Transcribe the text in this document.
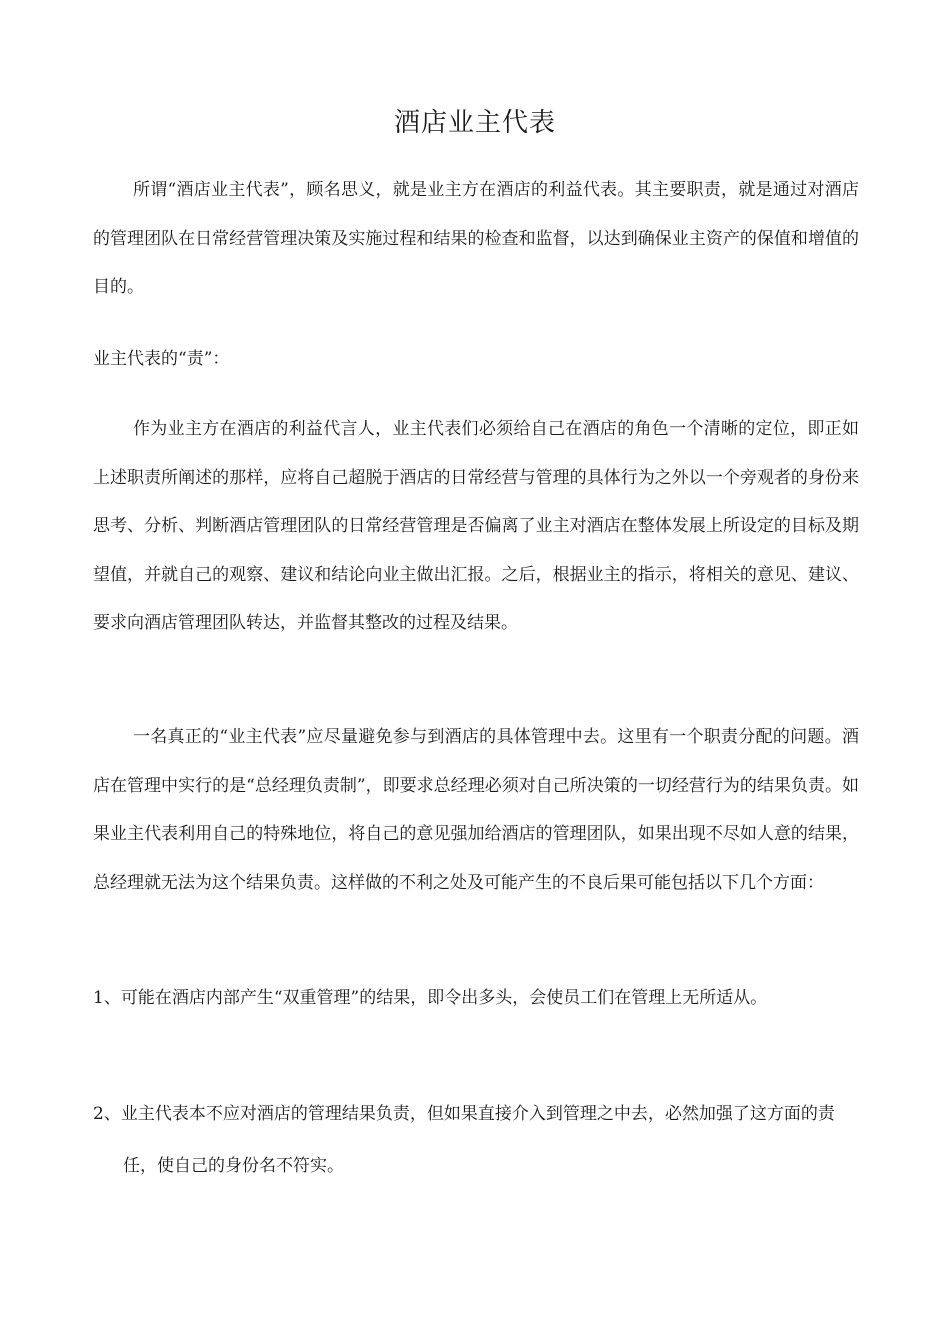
酒店业主代表

所谓“酒店业主代表”，顾名思义，就是业主方在酒店的利益代表。其主要职责，就是通过对酒店的管理团队在日常经营管理决策及实施过程和结果的检查和监督，以达到确保业主资产的保值和增值的目的。

业主代表的“责”：

作为业主方在酒店的利益代言人，业主代表们必须给自己在酒店的角色一个清晰的定位，即正如上述职责所阐述的那样，应将自己超脱于酒店的日常经营与管理的具体行为之外以一个旁观者的身份来思考、分析、判断酒店管理团队的日常经营管理是否偏离了业主对酒店在整体发展上所设定的目标及期望值，并就自己的观察、建议和结论向业主做出汇报。之后，根据业主的指示，将相关的意见、建议、要求向酒店管理团队转达，并监督其整改的过程及结果。

一名真正的“业主代表”应尽量避免参与到酒店的具体管理中去。这里有一个职责分配的问题。酒店在管理中实行的是“总经理负责制”，即要求总经理必须对自己所决策的一切经营行为的结果负责。如果业主代表利用自己的特殊地位，将自己的意见强加给酒店的管理团队，如果出现不尽如人意的结果，总经理就无法为这个结果负责。这样做的不利之处及可能产生的不良后果可能包括以下几个方面：

1、可能在酒店内部产生“双重管理”的结果，即令出多头，会使员工们在管理上无所适从。

2、业主代表本不应对酒店的管理结果负责，但如果直接介入到管理之中去，必然加强了这方面的责任，使自己的身份名不符实。
